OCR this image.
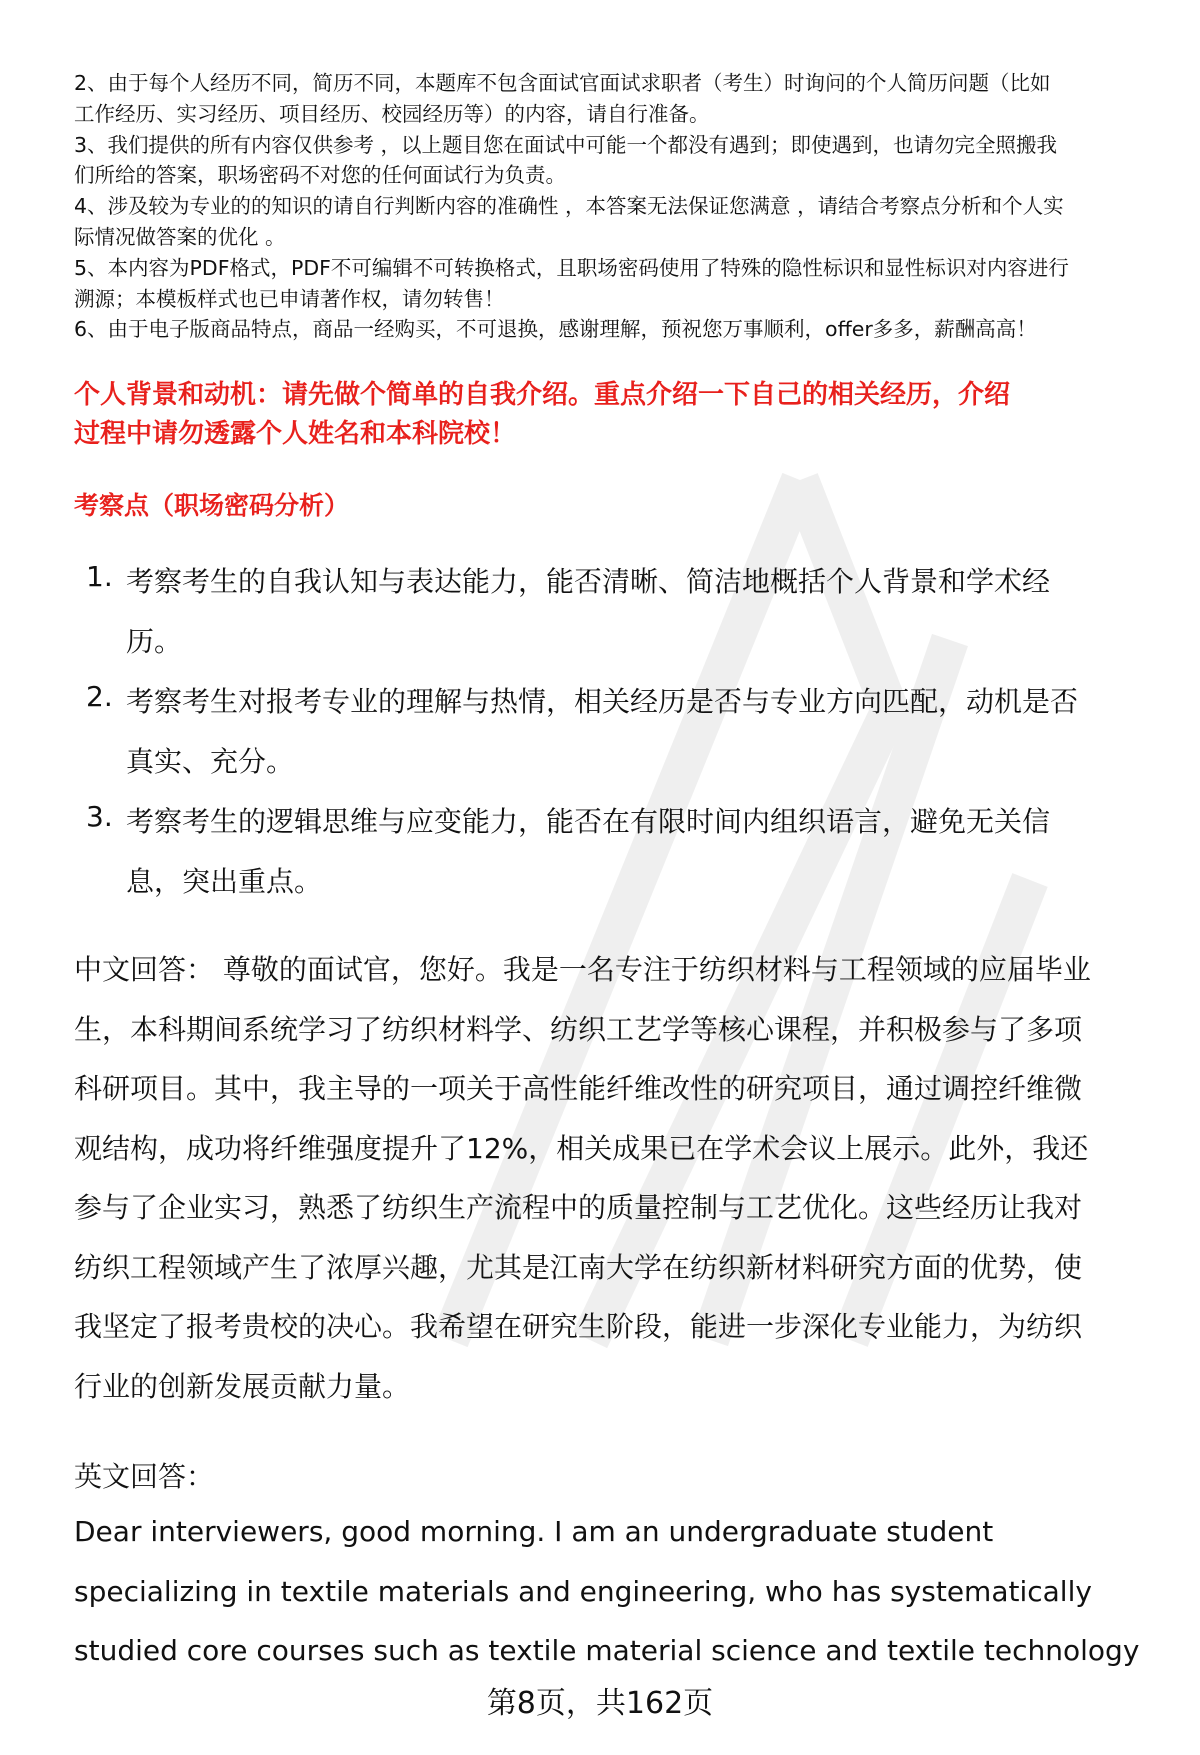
2、由于每个人经历不同，简历不同，本题库不包含面试官面试求职者（考生）时询问的个人简历问题（比如
工作经历、实习经历、项目经历、校园经历等）的内容，请自行准备。
3、我们提供的所有内容仅供参考 ，以上题目您在面试中可能一个都没有遇到；即使遇到，也请勿完全照搬我
们所给的答案，职场密码不对您的任何面试行为负责。
4、涉及较为专业的的知识的请自行判断内容的准确性 ，本答案无法保证您满意 ，请结合考察点分析和个人实
际情况做答案的优化 。
5、本内容为PDF格式，PDF不可编辑不可转换格式，且职场密码使用了特殊的隐性标识和显性标识对内容进行
溯源；本模板样式也已申请著作权，请勿转售！
6、由于电子版商品特点，商品一经购买，不可退换，感谢理解，预祝您万事顺利，offer多多，薪酬高高！
个人背景和动机：请先做个简单的自我介绍。重点介绍一下自己的相关经历，介绍
过程中请勿透露个人姓名和本科院校！
考察点（职场密码分析）
1. 考察考生的自我认知与表达能力，能否清晰、简洁地概括个人背景和学术经
历。
2. 考察考生对报考专业的理解与热情，相关经历是否与专业方向匹配，动机是否
真实、充分。
3. 考察考生的逻辑思维与应变能力，能否在有限时间内组织语言，避免无关信
息，突出重点。
中文回答： 尊敬的面试官，您好。我是一名专注于纺织材料与工程领域的应届毕业
生，本科期间系统学习了纺织材料学、纺织工艺学等核心课程，并积极参与了多项
科研项目。其中，我主导的一项关于高性能纤维改性的研究项目，通过调控纤维微
观结构，成功将纤维强度提升了12%，相关成果已在学术会议上展示。此外，我还
参与了企业实习，熟悉了纺织生产流程中的质量控制与工艺优化。这些经历让我对
纺织工程领域产生了浓厚兴趣，尤其是江南大学在纺织新材料研究方面的优势，使
我坚定了报考贵校的决心。我希望在研究生阶段，能进一步深化专业能力，为纺织
行业的创新发展贡献力量。
英文回答：
Dear interviewers, good morning. I am an undergraduate student
specializing in textile materials and engineering, who has systematically
studied core courses such as textile material science and textile technology
第8页，共162页
